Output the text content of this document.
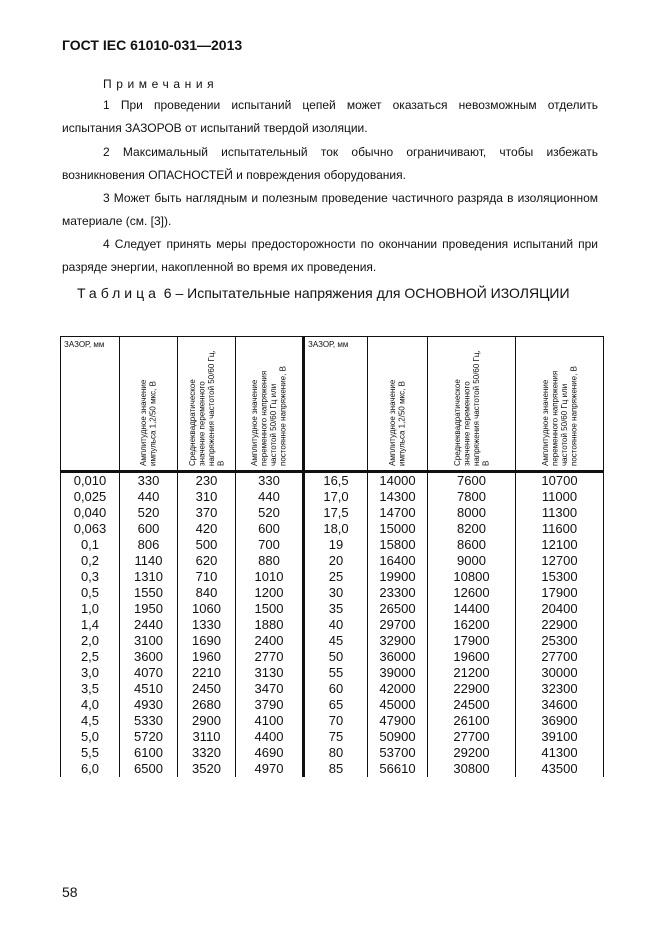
ГОСТ IEC 61010-031—2013
Примечания
1 При проведении испытаний цепей может оказаться невозможным отделить испытания ЗАЗОРОВ от испытаний твердой изоляции.
2 Максимальный испытательный ток обычно ограничивают, чтобы избежать возникновения ОПАСНОСТЕЙ и повреждения оборудования.
3 Может быть наглядным и полезным проведение частичного разряда в изоляционном материале (см. [3]).
4 Следует принять меры предосторожности по окончании проведения испытаний при разряде энергии, накопленной во время их проведения.
Таблица 6 – Испытательные напряжения для ОСНОВНОЙ ИЗОЛЯЦИИ
ЗАЗОР, мм	Амплитудное значение импульса 1,2/50 мкс, В	Среднеквадратическое значение переменного напряжения частотой 50/60 Гц, В	Амплитудное значение переменного напряжения частотой 50/60 Гц или постоянное напряжение, В	ЗАЗОР, мм	Амплитудное значение импульса 1,2/50 мкс, В	Среднеквадратическое значение переменного напряжения частотой 50/60 Гц, В	Амплитудное значение переменного напряжения частотой 50/60 Гц или постоянное напряжение, В

0,010	330	230	330	16,5	14000	7600	10700
0,025	440	310	440	17,0	14300	7800	11000
0,040	520	370	520	17,5	14700	8000	11300
0,063	600	420	600	18,0	15000	8200	11600
0,1	806	500	700	19	15800	8600	12100
0,2	1140	620	880	20	16400	9000	12700
0,3	1310	710	1010	25	19900	10800	15300
0,5	1550	840	1200	30	23300	12600	17900
1,0	1950	1060	1500	35	26500	14400	20400
1,4	2440	1330	1880	40	29700	16200	22900
2,0	3100	1690	2400	45	32900	17900	25300
2,5	3600	1960	2770	50	36000	19600	27700
3,0	4070	2210	3130	55	39000	21200	30000
3,5	4510	2450	3470	60	42000	22900	32300
4,0	4930	2680	3790	65	45000	24500	34600
4,5	5330	2900	4100	70	47900	26100	36900
5,0	5720	3110	4400	75	50900	27700	39100
5,5	6100	3320	4690	80	53700	29200	41300
6,0	6500	3520	4970	85	56610	30800	43500
58
